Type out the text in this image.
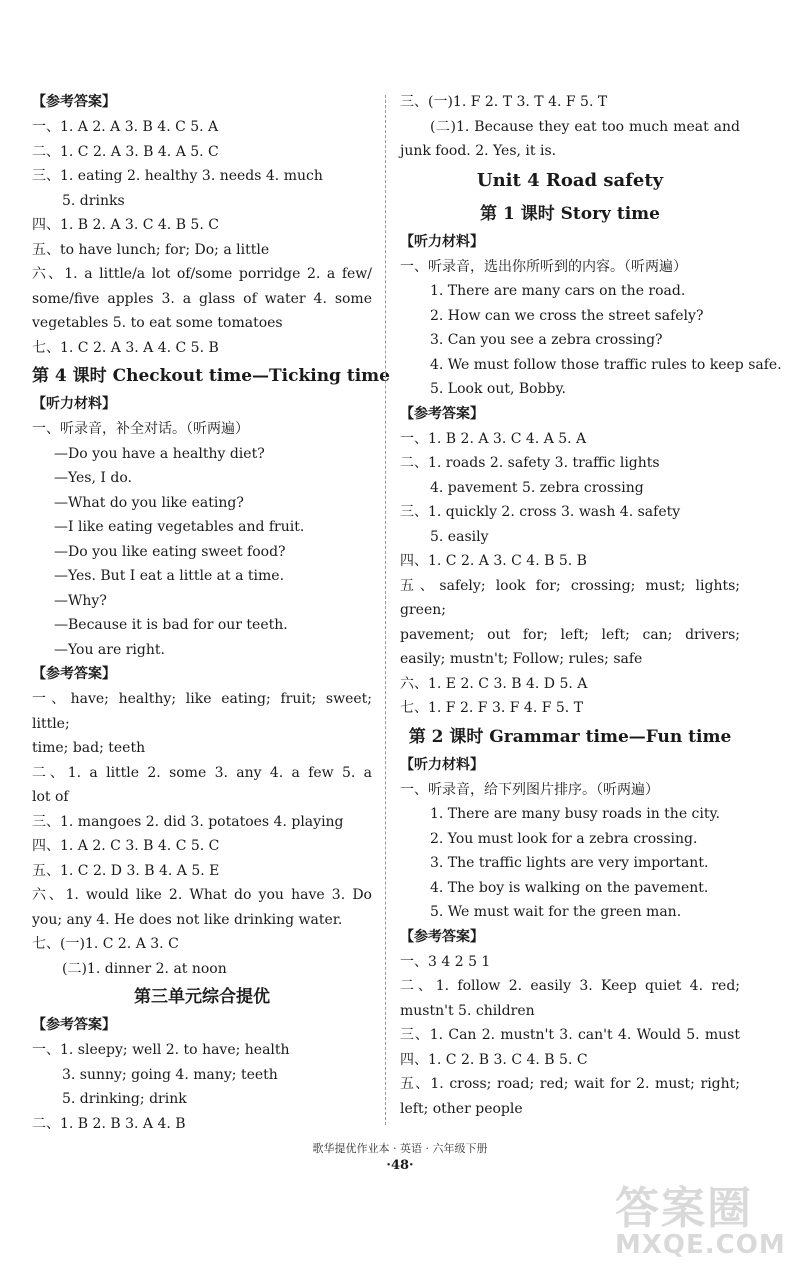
【参考答案】
一、1. A 2. A 3. B 4. C 5. A
二、1. C 2. A 3. B 4. A 5. C
三、1. eating 2. healthy 3. needs 4. much
5. drinks
四、1. B 2. A 3. C 4. B 5. C
五、to have lunch; for; Do; a little
六、1. a little/a lot of/some porridge 2. a few/
some/five apples 3. a glass of water 4. some
vegetables 5. to eat some tomatoes
七、1. C 2. A 3. A 4. C 5. B
第 4 课时 Checkout time—Ticking time
【听力材料】
一、听录音，补全对话。（听两遍）
—Do you have a healthy diet?
—Yes, I do.
—What do you like eating?
—I like eating vegetables and fruit.
—Do you like eating sweet food?
—Yes. But I eat a little at a time.
—Why?
—Because it is bad for our teeth.
—You are right.
【参考答案】
一、have; healthy; like eating; fruit; sweet; little;
time; bad; teeth
二、1. a little 2. some 3. any 4. a few 5. a
lot of
三、1. mangoes 2. did 3. potatoes 4. playing
四、1. A 2. C 3. B 4. C 5. C
五、1. C 2. D 3. B 4. A 5. E
六、1. would like 2. What do you have 3. Do
you; any 4. He does not like drinking water.
七、(一)1. C 2. A 3. C
(二)1. dinner 2. at noon
第三单元综合提优
【参考答案】
一、1. sleepy; well 2. to have; health
3. sunny; going 4. many; teeth
5. drinking; drink
二、1. B 2. B 3. A 4. B
三、(一)1. F 2. T 3. T 4. F 5. T
(二)1. Because they eat too much meat and
junk food. 2. Yes, it is.
Unit 4 Road safety
第 1 课时 Story time
【听力材料】
一、听录音，选出你所听到的内容。（听两遍）
1. There are many cars on the road.
2. How can we cross the street safely?
3. Can you see a zebra crossing?
4. We must follow those traffic rules to keep safe.
5. Look out, Bobby.
【参考答案】
一、1. B 2. A 3. C 4. A 5. A
二、1. roads 2. safety 3. traffic lights
4. pavement 5. zebra crossing
三、1. quickly 2. cross 3. wash 4. safety
5. easily
四、1. C 2. A 3. C 4. B 5. B
五、safely; look for; crossing; must; lights; green;
pavement; out for; left; left; can; drivers;
easily; mustn't; Follow; rules; safe
六、1. E 2. C 3. B 4. D 5. A
七、1. F 2. F 3. F 4. F 5. T
第 2 课时 Grammar time—Fun time
【听力材料】
一、听录音，给下列图片排序。（听两遍）
1. There are many busy roads in the city.
2. You must look for a zebra crossing.
3. The traffic lights are very important.
4. The boy is walking on the pavement.
5. We must wait for the green man.
【参考答案】
一、3 4 2 5 1
二、1. follow 2. easily 3. Keep quiet 4. red;
mustn't 5. children
三、1. Can 2. mustn't 3. can't 4. Would 5. must
四、1. C 2. B 3. C 4. B 5. C
五、1. cross; road; red; wait for 2. must; right;
left; other people
歌华提优作业本 · 英语 · 六年级下册
·48·
答案圈
MXQE.COM
